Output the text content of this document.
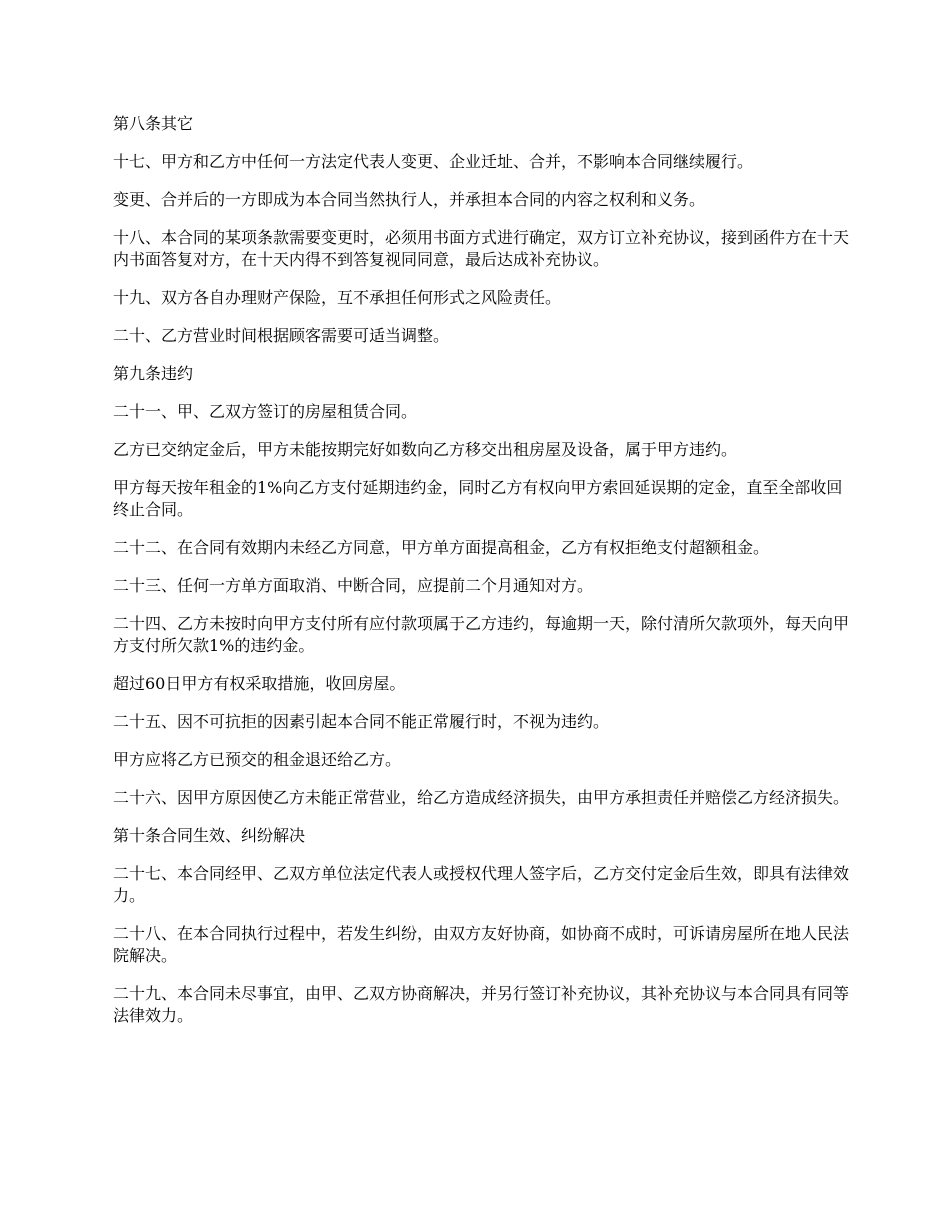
第八条其它

十七、甲方和乙方中任何一方法定代表人变更、企业迁址、合并，不影响本合同继续履行。

变更、合并后的一方即成为本合同当然执行人，并承担本合同的内容之权利和义务。

十八、本合同的某项条款需要变更时，必须用书面方式进行确定，双方订立补充协议，接到函件方在十天内书面答复对方，在十天内得不到答复视同同意，最后达成补充协议。

十九、双方各自办理财产保险，互不承担任何形式之风险责任。

二十、乙方营业时间根据顾客需要可适当调整。

第九条违约

二十一、甲、乙双方签订的房屋租赁合同。

乙方已交纳定金后，甲方未能按期完好如数向乙方移交出租房屋及设备，属于甲方违约。

甲方每天按年租金的1%向乙方支付延期违约金，同时乙方有权向甲方索回延误期的定金，直至全部收回终止合同。

二十二、在合同有效期内未经乙方同意，甲方单方面提高租金，乙方有权拒绝支付超额租金。

二十三、任何一方单方面取消、中断合同，应提前二个月通知对方。

二十四、乙方未按时向甲方支付所有应付款项属于乙方违约，每逾期一天，除付清所欠款项外，每天向甲方支付所欠款1%的违约金。

超过60日甲方有权采取措施，收回房屋。

二十五、因不可抗拒的因素引起本合同不能正常履行时，不视为违约。

甲方应将乙方已预交的租金退还给乙方。

二十六、因甲方原因使乙方未能正常营业，给乙方造成经济损失，由甲方承担责任并赔偿乙方经济损失。

第十条合同生效、纠纷解决

二十七、本合同经甲、乙双方单位法定代表人或授权代理人签字后，乙方交付定金后生效，即具有法律效力。

二十八、在本合同执行过程中，若发生纠纷，由双方友好协商，如协商不成时，可诉请房屋所在地人民法院解决。

二十九、本合同未尽事宜，由甲、乙双方协商解决，并另行签订补充协议，其补充协议与本合同具有同等法律效力。
